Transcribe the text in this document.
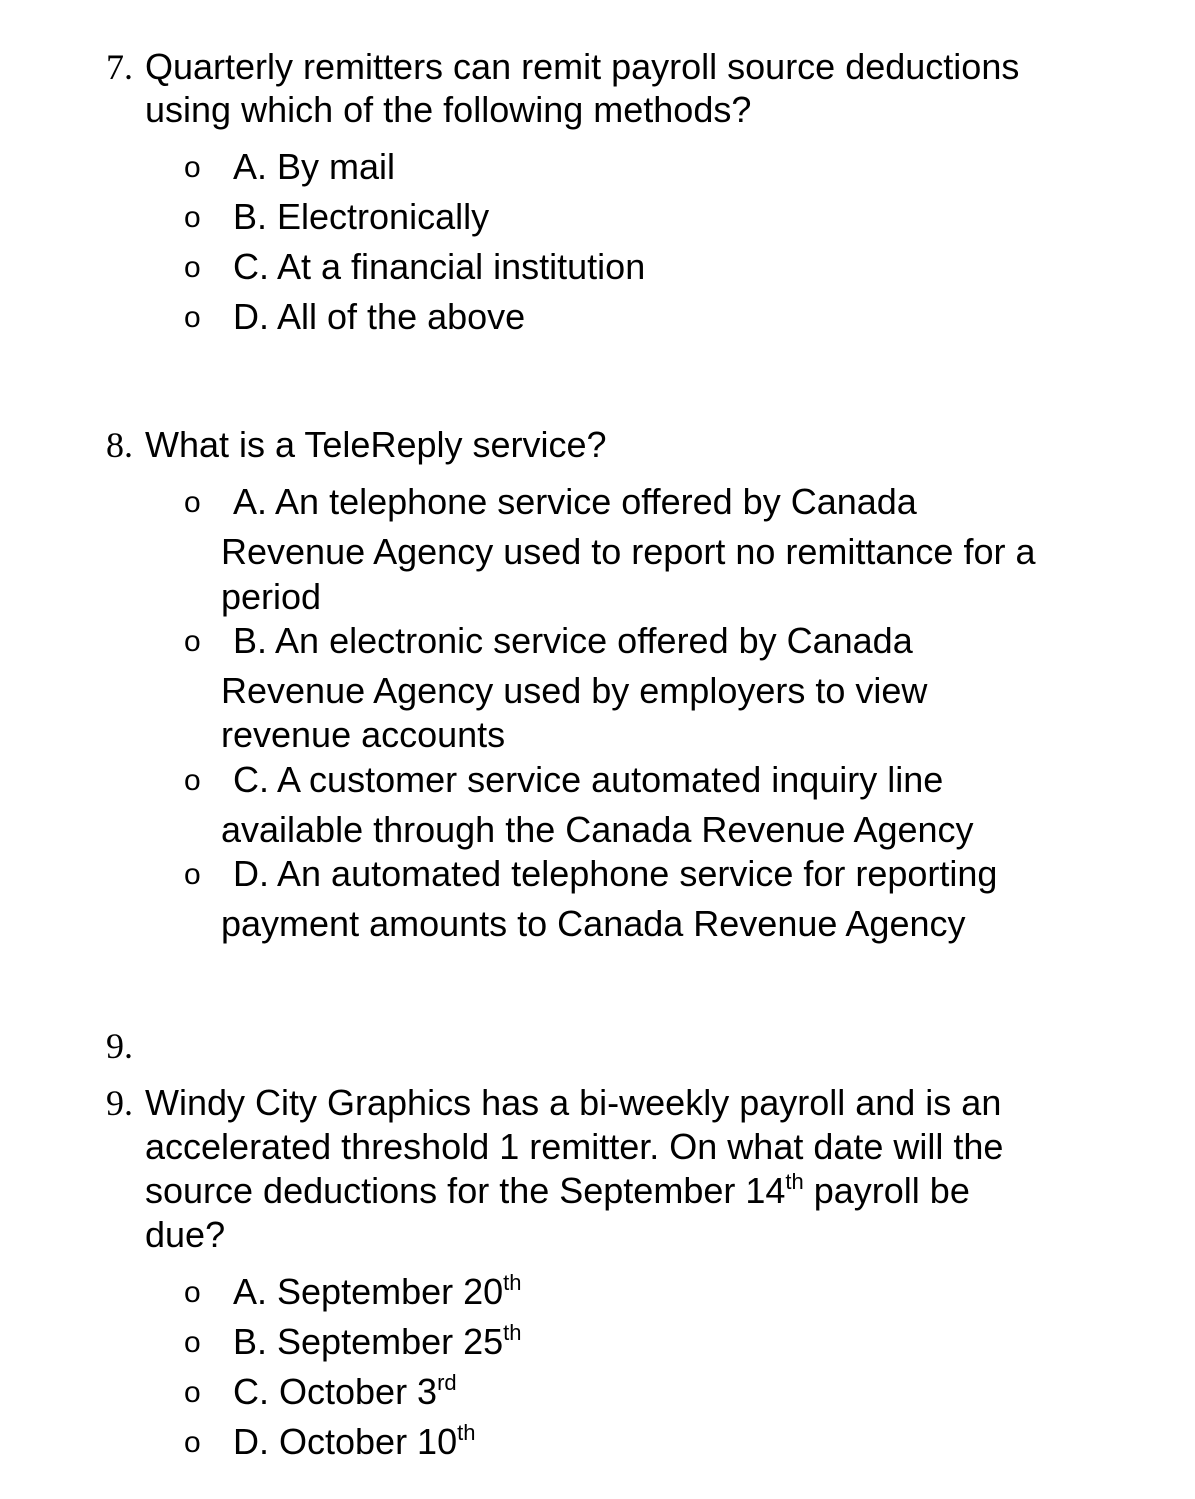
7. Quarterly remitters can remit payroll source deductions
using which of the following methods?
o A. By mail
o B. Electronically
o C. At a financial institution
o D. All of the above
8. What is a TeleReply service?
o A. An telephone service offered by Canada
Revenue Agency used to report no remittance for a
period
o B. An electronic service offered by Canada
Revenue Agency used by employers to view
revenue accounts
o C. A customer service automated inquiry line
available through the Canada Revenue Agency
o D. An automated telephone service for reporting
payment amounts to Canada Revenue Agency
9.
9. Windy City Graphics has a bi-weekly payroll and is an
accelerated threshold 1 remitter. On what date will the
source deductions for the September 14th payroll be
due?
o A. September 20th
o B. September 25th
o C. October 3rd
o D. October 10th
